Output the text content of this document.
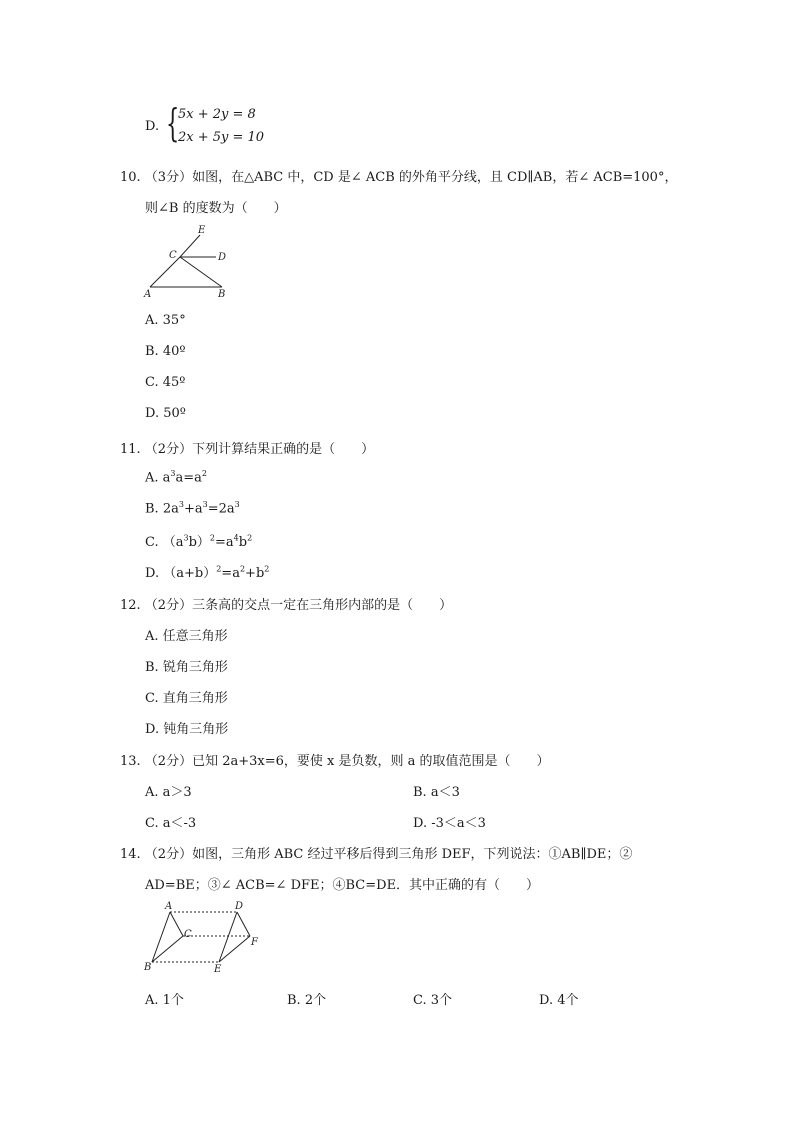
D. {
5x + 2y = 8
2x + 5y = 10
10. （3分）如图，在△ABC 中，CD 是∠ ACB 的外角平分线，且 CD∥AB，若∠ ACB=100°，
则∠B 的度数为（　　）
E
C	D
A	B
A. 35°
B. 40º
C. 45º
D. 50º
11. （2分）下列计算结果正确的是（　　）
A. $a^3a=a^2$
B. $2a^3+a^3=2a^3$
C. $(a^3b)^2=a^4b^2$
D. $(a+b)^2=a^2+b^2$
12. （2分）三条高的交点一定在三角形内部的是（　　）
A. 任意三角形
B. 锐角三角形
C. 直角三角形
D. 钝角三角形
13. （2分）已知 2a+3x=6，要使 x 是负数，则 a 的取值范围是（　　）
A. a＞3	B. a＜3
C. a＜-3	D. -3＜a＜3
14. （2分）如图，三角形 ABC 经过平移后得到三角形 DEF，下列说法：①AB∥DE；②
AD=BE；③∠ ACB=∠ DFE；④BC=DE．其中正确的有（　　）
A
B
C
D
E
F
A. 1个	B. 2个	C. 3个	D. 4个
